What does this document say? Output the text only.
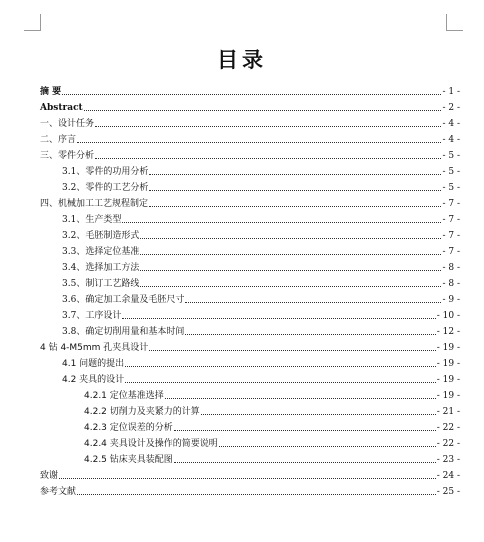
目录
摘 要	- 1 -
Abstract	- 2 -
一、设计任务	- 4 -
二、序言	- 4 -
三、零件分析	- 5 -
3.1、零件的功用分析	- 5 -
3.2、零件的工艺分析	- 5 -
四、机械加工工艺规程制定	- 7 -
3.1、生产类型	- 7 -
3.2、毛胚制造形式	- 7 -
3.3、选择定位基准	- 7 -
3.4、选择加工方法	- 8 -
3.5、制订工艺路线	- 8 -
3.6、确定加工余量及毛胚尺寸	- 9 -
3.7、工序设计	- 10 -
3.8、确定切削用量和基本时间	- 12 -
4 钻 4-M5mm 孔夹具设计	- 19 -
4.1 问题的提出	- 19 -
4.2 夹具的设计	- 19 -
4.2.1 定位基准选择	- 19 -
4.2.2 切削力及夹紧力的计算	- 21 -
4.2.3 定位误差的分析	- 22 -
4.2.4 夹具设计及操作的简要说明	- 22 -
4.2.5 钻床夹具装配图	- 23 -
致谢	- 24 -
参考文献	- 25 -
